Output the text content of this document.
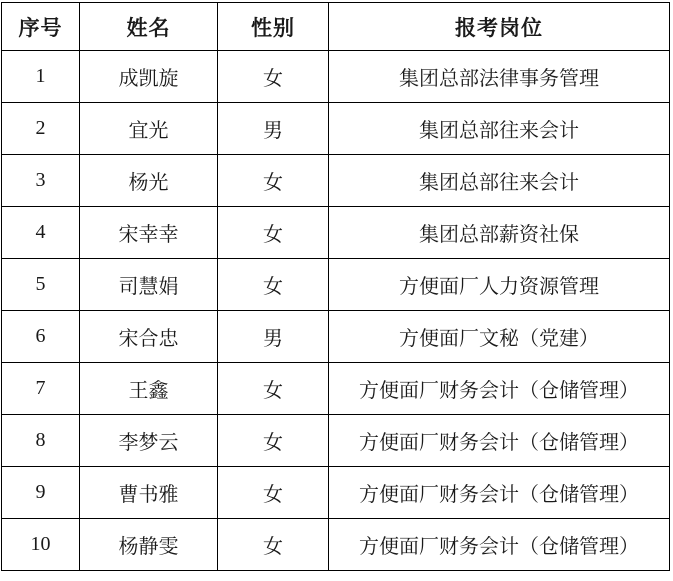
序号	姓名	性别	报考岗位
1	成凯旋	女	集团总部法律事务管理
2	宜光	男	集团总部往来会计
3	杨光	女	集团总部往来会计
4	宋幸幸	女	集团总部薪资社保
5	司慧娟	女	方便面厂人力资源管理
6	宋合忠	男	方便面厂文秘（党建）
7	王鑫	女	方便面厂财务会计（仓储管理）
8	李梦云	女	方便面厂财务会计（仓储管理）
9	曹书雅	女	方便面厂财务会计（仓储管理）
10	杨静雯	女	方便面厂财务会计（仓储管理）
